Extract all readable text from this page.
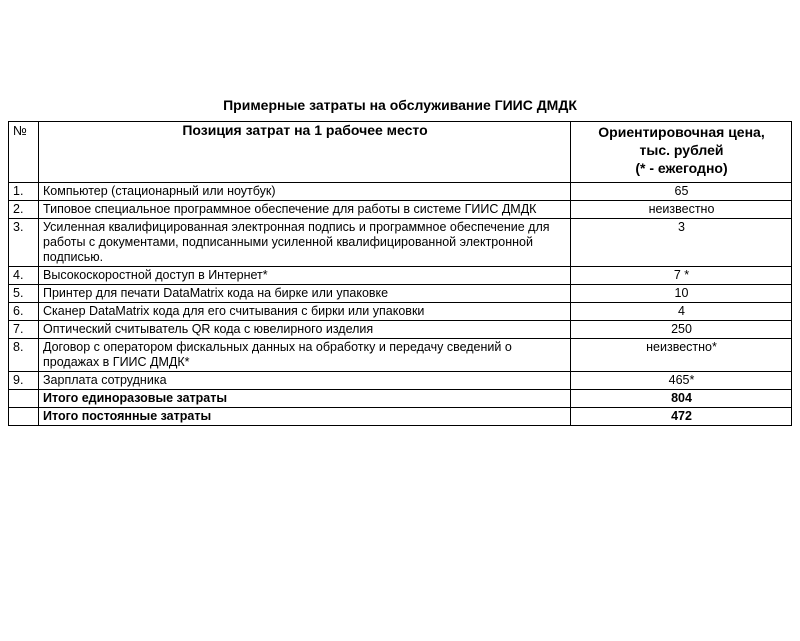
Примерные затраты на обслуживание ГИИС ДМДК
№	Позиция затрат на 1 рабочее место	Ориентировочная цена,
тыс. рублей
(* - ежегодно)

1.	Компьютер (стационарный или ноутбук)	65
2.	Типовое специальное программное обеспечение для работы в системе ГИИС ДМДК	неизвестно
3.	Усиленная квалифицированная электронная подпись и программное обеспечение для работы с документами, подписанными усиленной квалифицированной электронной подписью.	3
4.	Высокоскоростной доступ в Интернет*	7 *
5.	Принтер для печати DataMatrix кода на бирке или упаковке	10
6.	Сканер DataMatrix кода для его считывания с бирки или упаковки	4
7.	Оптический считыватель QR кода с ювелирного изделия	250
8.	Договор с оператором фискальных данных на обработку и передачу сведений о продажах в ГИИС ДМДК*	неизвестно*
9.	Зарплата сотрудника	465*
	Итого единоразовые затраты	804
	Итого постоянные затраты	472
